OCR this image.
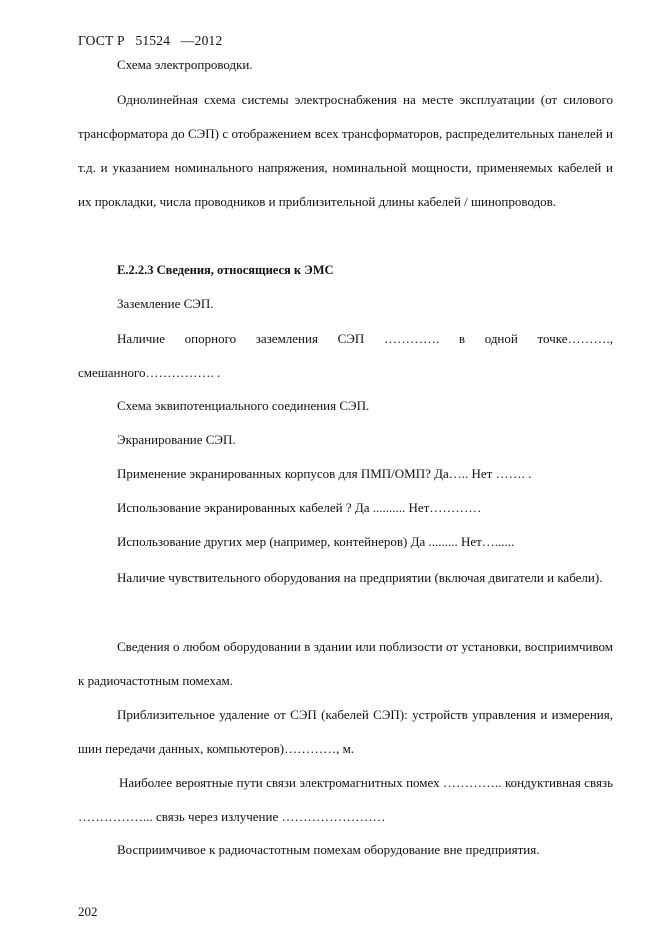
ГОСТ Р   51524   —2012
Схема электропроводки.
Однолинейная схема системы электроснабжения на месте эксплуатации (от силового трансформатора до СЭП) с отображением всех трансформаторов, распределительных панелей и т.д. и указанием номинального напряжения, номинальной мощности, применяемых кабелей и их прокладки, числа проводников и приблизительной длины кабелей / шинопроводов.
Е.2.2.3 Сведения, относящиеся к ЭМС
Заземление СЭП.
Наличие опорного заземления СЭП …………. в одной точке………., смешанного……………. .
Схема эквипотенциального соединения СЭП.
Экранирование СЭП.
Применение экранированных корпусов для ПМП/ОМП? Да….. Нет ……. .
Использование экранированных кабелей ? Да .......... Нет…………
Использование других мер (например, контейнеров) Да ......... Нет…......
Наличие чувствительного оборудования на предприятии (включая двигатели и кабели).
Сведения о любом оборудовании в здании или поблизости от установки, восприимчивом к радиочастотным помехам.
Приблизительное удаление от СЭП (кабелей СЭП): устройств управления и измерения, шин передачи данных, компьютеров)…………, м.
Наиболее вероятные пути связи электромагнитных помех ………….. кондуктивная связь ……………... связь через излучение ……………………
Восприимчивое к радиочастотным помехам оборудование вне предприятия.
202
